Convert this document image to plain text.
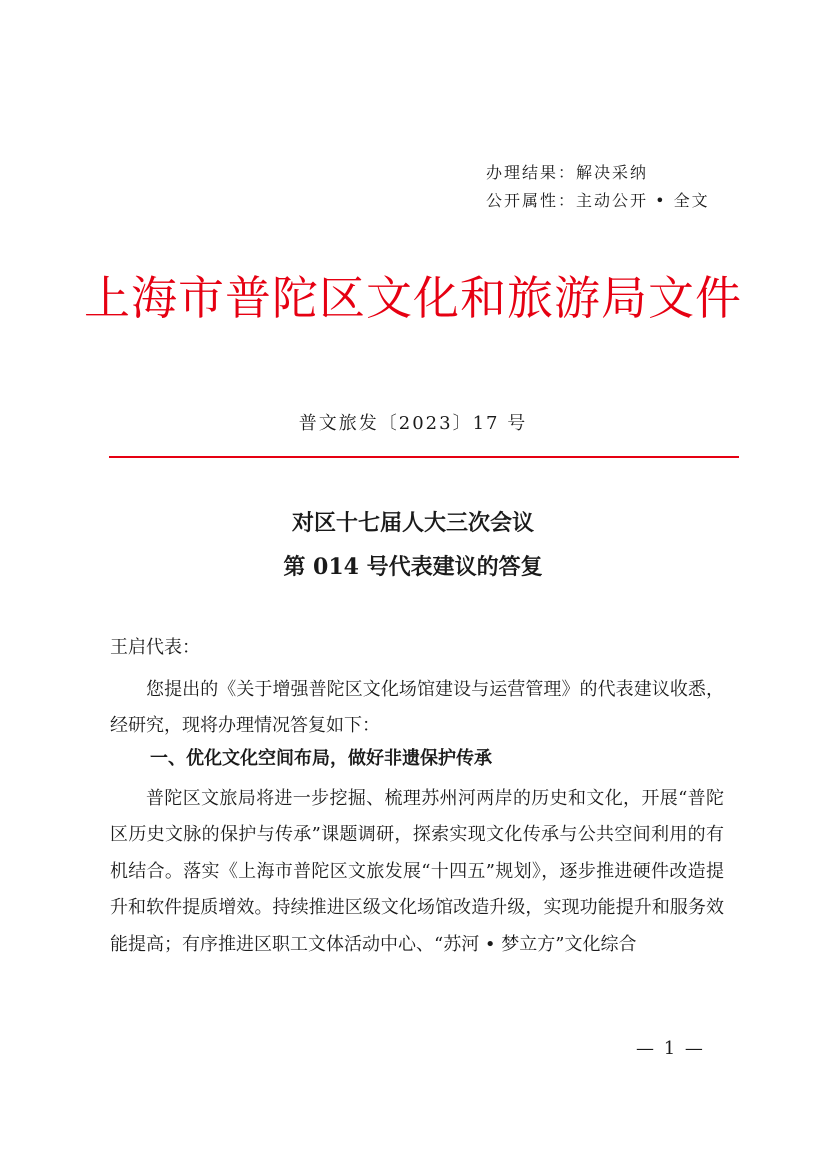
办理结果：解决采纳
公开属性：主动公开 • 全文
上海市普陀区文化和旅游局文件
普文旅发〔2023〕17 号
对区十七届人大三次会议
第 014 号代表建议的答复
王启代表：

您提出的《关于增强普陀区文化场馆建设与运营管理》的代表建议收悉，经研究，现将办理情况答复如下：

一、优化文化空间布局，做好非遗保护传承

普陀区文旅局将进一步挖掘、梳理苏州河两岸的历史和文化，开展“普陀区历史文脉的保护与传承”课题调研，探索实现文化传承与公共空间利用的有机结合。落实《上海市普陀区文旅发展“十四五”规划》，逐步推进硬件改造提升和软件提质增效。持续推进区级文化场馆改造升级，实现功能提升和服务效能提高；有序推进区职工文体活动中心、“苏河 • 梦立方”文化综合

— 1 —
